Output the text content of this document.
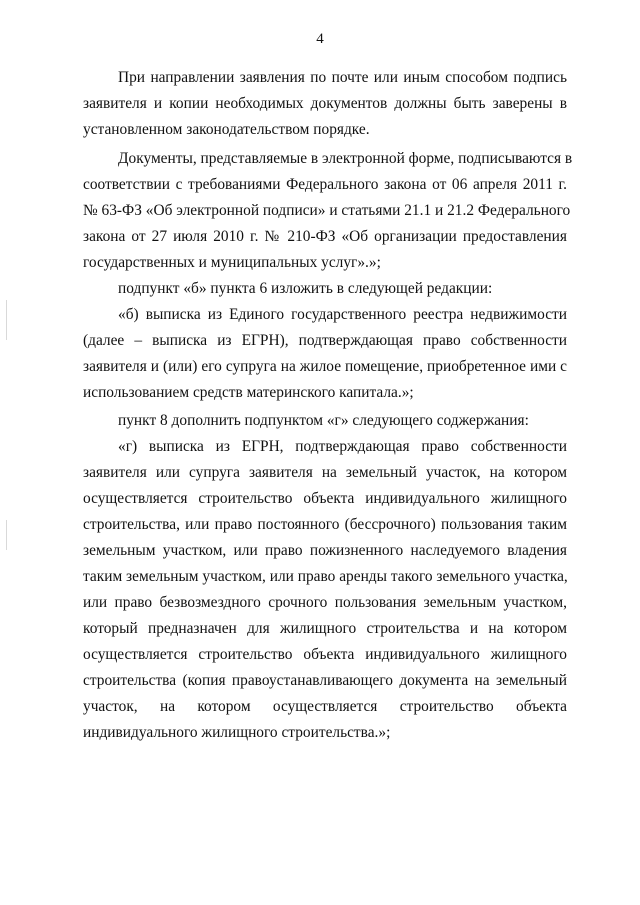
4
При направлении заявления по почте или иным способом подпись
заявителя и копии необходимых документов должны быть заверены в
установленном законодательством порядке.
Документы, представляемые в электронной форме, подписываются в
соответствии с требованиями Федерального закона от 06 апреля 2011 г.
№ 63-ФЗ «Об электронной подписи» и статьями 21.1 и 21.2 Федерального
закона от 27 июля 2010 г. № 210-ФЗ «Об организации предоставления
государственных и муниципальных услуг».»;
подпункт «б» пункта 6 изложить в следующей редакции:
«б) выписка из Единого государственного реестра недвижимости
(далее – выписка из ЕГРН), подтверждающая право собственности
заявителя и (или) его супруга на жилое помещение, приобретенное ими с
использованием средств материнского капитала.»;
пункт 8 дополнить подпунктом «г» следующего соджержания:
«г) выписка из ЕГРН, подтверждающая право собственности
заявителя или супруга заявителя на земельный участок, на котором
осуществляется строительство объекта индивидуального жилищного
строительства, или право постоянного (бессрочного) пользования таким
земельным участком, или право пожизненного наследуемого владения
таким земельным участком, или право аренды такого земельного участка,
или право безвозмездного срочного пользования земельным участком,
который предназначен для жилищного строительства и на котором
осуществляется строительство объекта индивидуального жилищного
строительства (копия правоустанавливающего документа на земельный
участок, на котором осуществляется строительство объекта
индивидуального жилищного строительства.»;
